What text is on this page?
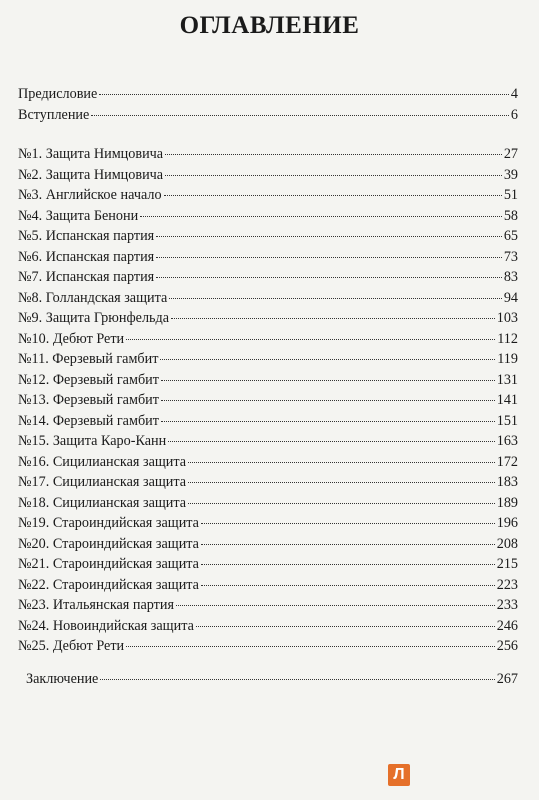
ОГЛАВЛЕНИЕ
Предисловие	4
Вступление	6
№1. Защита Нимцовича	27
№2. Защита Нимцовича	39
№3. Английское начало	51
№4. Защита Бенони	58
№5. Испанская партия	65
№6. Испанская партия	73
№7. Испанская партия	83
№8. Голландская защита	94
№9. Защита Грюнфельда	103
№10. Дебют Рети	112
№11. Ферзевый гамбит	119
№12. Ферзевый гамбит	131
№13. Ферзевый гамбит	141
№14. Ферзевый гамбит	151
№15. Защита Каро-Канн	163
№16. Сицилианская защита	172
№17. Сицилианская защита	183
№18. Сицилианская защита	189
№19. Староиндийская защита	196
№20. Староиндийская защита	208
№21. Староиндийская защита	215
№22. Староиндийская защита	223
№23. Итальянская партия	233
№24. Новоиндийская защита	246
№25. Дебют Рети	256
Заключение	267
Л
